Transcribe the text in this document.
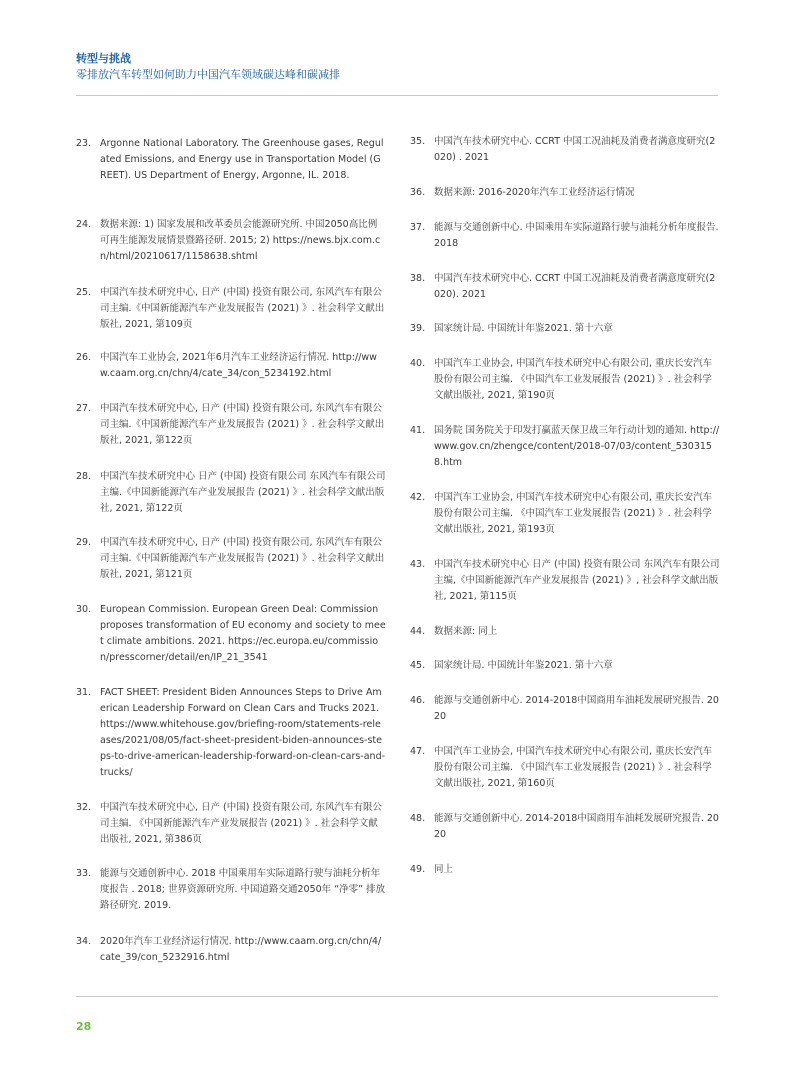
转型与挑战
零排放汽车转型如何助力中国汽车领域碳达峰和碳减排
23. Argonne National Laboratory. The Greenhouse gases, Regulated Emissions, and Energy use in Transportation Model (GREET). US Department of Energy, Argonne, IL. 2018.
24. 数据来源: 1) 国家发展和改革委员会能源研究所. 中国2050高比例可再生能源发展情景暨路径研. 2015; 2) https://news.bjx.com.cn/html/20210617/1158638.shtml
25. 中国汽车技术研究中心, 日产 (中国) 投资有限公司, 东风汽车有限公司主编.《中国新能源汽车产业发展报告 (2021) 》. 社会科学文献出版社, 2021, 第109页
26. 中国汽车工业协会, 2021年6月汽车工业经济运行情况. http://www.caam.org.cn/chn/4/cate_34/con_5234192.html
27. 中国汽车技术研究中心, 日产 (中国) 投资有限公司, 东风汽车有限公司主编.《中国新能源汽车产业发展报告 (2021) 》. 社会科学文献出版社, 2021, 第122页
28. 中国汽车技术研究中心 日产 (中国) 投资有限公司 东风汽车有限公司主编.《中国新能源汽车产业发展报告 (2021) 》. 社会科学文献出版社, 2021, 第122页
29. 中国汽车技术研究中心, 日产 (中国) 投资有限公司, 东风汽车有限公司主编.《中国新能源汽车产业发展报告 (2021) 》. 社会科学文献出版社, 2021, 第121页
30. European Commission. European Green Deal: Commission proposes transformation of EU economy and society to meet climate ambitions. 2021. https://ec.europa.eu/commission/presscorner/detail/en/IP_21_3541
31. FACT SHEET: President Biden Announces Steps to Drive American Leadership Forward on Clean Cars and Trucks 2021. https://www.whitehouse.gov/briefing-room/statements-releases/2021/08/05/fact-sheet-president-biden-announces-steps-to-drive-american-leadership-forward-on-clean-cars-and-trucks/
32. 中国汽车技术研究中心, 日产 (中国) 投资有限公司, 东风汽车有限公司主编. 《中国新能源汽车产业发展报告 (2021) 》. 社会科学文献出版社, 2021, 第386页
33. 能源与交通创新中心. 2018 中国乘用车实际道路行驶与油耗分析年度报告 . 2018; 世界资源研究所. 中国道路交通2050年 “净零” 排放路径研究. 2019.
34. 2020年汽车工业经济运行情况. http://www.caam.org.cn/chn/4/cate_39/con_5232916.html
35. 中国汽车技术研究中心. CCRT 中国工况油耗及消费者满意度研究(2020) . 2021
36. 数据来源: 2016-2020年汽车工业经济运行情况
37. 能源与交通创新中心. 中国乘用车实际道路行驶与油耗分析年度报告. 2018
38. 中国汽车技术研究中心. CCRT 中国工况油耗及消费者满意度研究(2020). 2021
39. 国家统计局. 中国统计年鉴2021. 第十六章
40. 中国汽车工业协会, 中国汽车技术研究中心有限公司, 重庆长安汽车股份有限公司主编. 《中国汽车工业发展报告 (2021) 》. 社会科学文献出版社, 2021, 第190页
41. 国务院 国务院关于印发打赢蓝天保卫战三年行动计划的通知. http://www.gov.cn/zhengce/content/2018-07/03/content_5303158.htm
42. 中国汽车工业协会, 中国汽车技术研究中心有限公司, 重庆长安汽车股份有限公司主编. 《中国汽车工业发展报告 (2021) 》. 社会科学文献出版社, 2021, 第193页
43. 中国汽车技术研究中心 日产 (中国) 投资有限公司 东风汽车有限公司主编,《中国新能源汽车产业发展报告 (2021) 》, 社会科学文献出版社, 2021, 第115页
44. 数据来源: 同上
45. 国家统计局. 中国统计年鉴2021. 第十六章
46. 能源与交通创新中心. 2014-2018中国商用车油耗发展研究报告. 2020
47. 中国汽车工业协会, 中国汽车技术研究中心有限公司, 重庆长安汽车股份有限公司主编. 《中国汽车工业发展报告 (2021) 》. 社会科学文献出版社, 2021, 第160页
48. 能源与交通创新中心. 2014-2018中国商用车油耗发展研究报告. 2020
49. 同上
28
